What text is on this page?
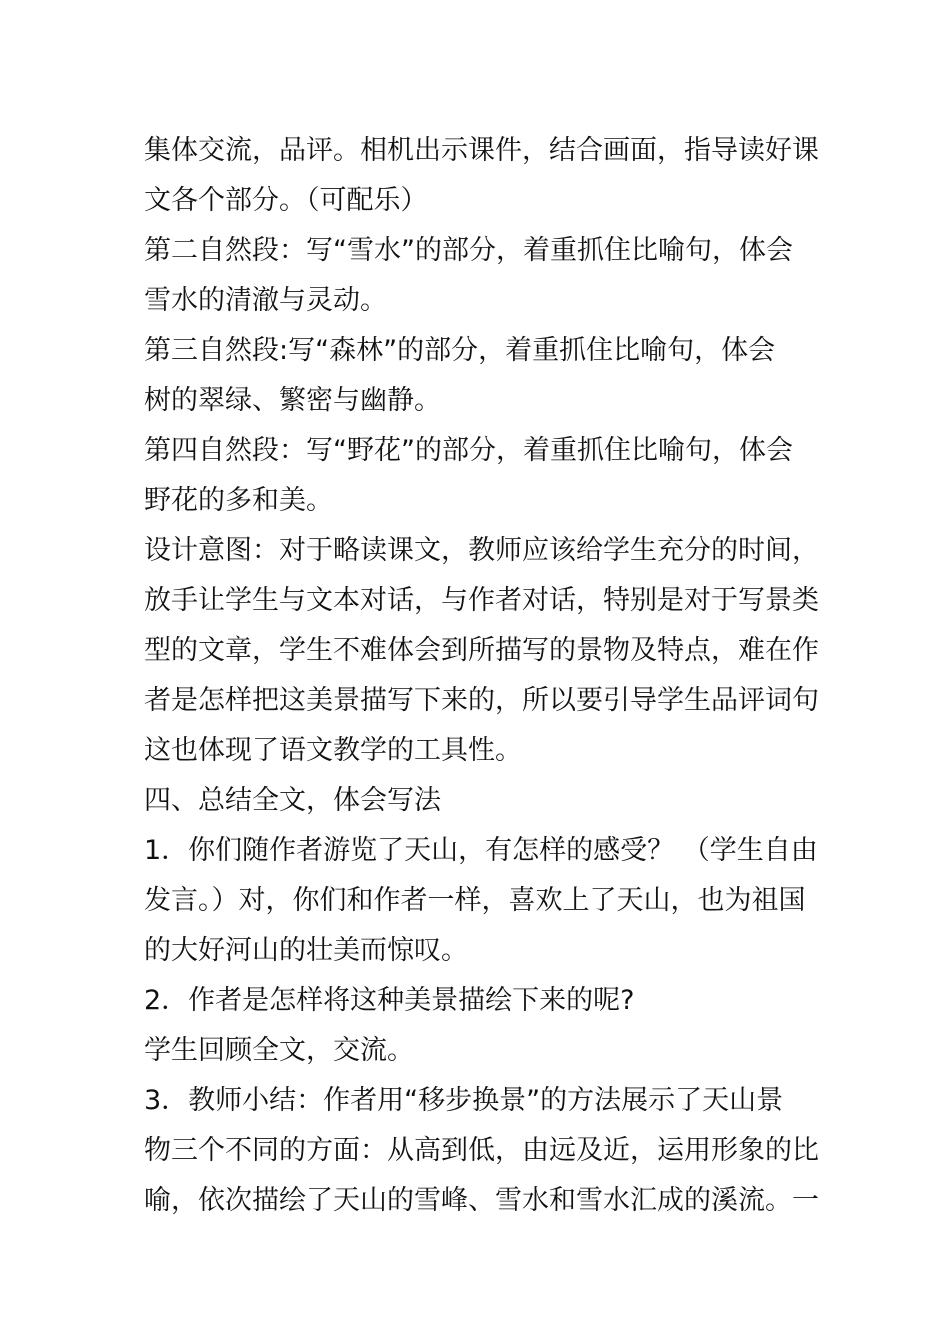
集体交流，品评。相机出示课件，结合画面，指导读好课
文各个部分。（可配乐）
第二自然段：写“雪水”的部分，着重抓住比喻句，体会
雪水的清澈与灵动。
第三自然段:写“森林”的部分，着重抓住比喻句，体会
树的翠绿、繁密与幽静。
第四自然段：写“野花”的部分，着重抓住比喻句，体会
野花的多和美。
设计意图：对于略读课文，教师应该给学生充分的时间，
放手让学生与文本对话，与作者对话，特别是对于写景类
型的文章，学生不难体会到所描写的景物及特点，难在作
者是怎样把这美景描写下来的，所以要引导学生品评词句
这也体现了语文教学的工具性。
四、总结全文，体会写法
1．你们随作者游览了天山，有怎样的感受？ （学生自由
发言。）对，你们和作者一样，喜欢上了天山，也为祖国
的大好河山的壮美而惊叹。
2．作者是怎样将这种美景描绘下来的呢?
学生回顾全文，交流。
3．教师小结：作者用“移步换景”的方法展示了天山景
物三个不同的方面：从高到低，由远及近，运用形象的比
喻，依次描绘了天山的雪峰、雪水和雪水汇成的溪流。一
